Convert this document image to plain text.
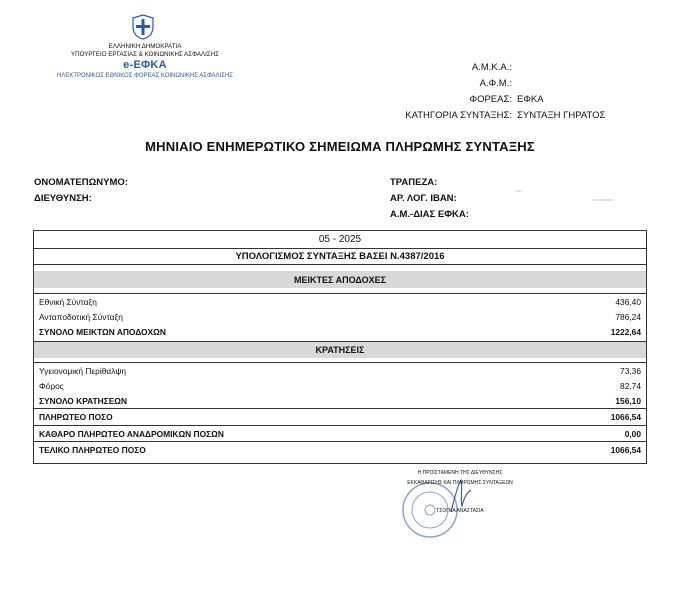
ΕΛΛΗΝΙΚΗ ΔΗΜΟΚΡΑΤΙΑ
ΥΠΟΥΡΓΕΙΟ ΕΡΓΑΣΙΑΣ & ΚΟΙΝΩΝΙΚΗΣ ΑΣΦΑΛΙΣΗΣ
e-ΕΦΚΑ
ΗΛΕΚΤΡΟΝΙΚΟΣ ΕΘΝΙΚΟΣ ΦΟΡΕΑΣ ΚΟΙΝΩΝΙΚΗΣ ΑΣΦΑΛΙΣΗΣ
Α.Μ.Κ.Α.:
Α.Φ.Μ.:
ΦΟΡΕΑΣ: ΕΦΚΑ
ΚΑΤΗΓΟΡΙΑ ΣΥΝΤΑΞΗΣ: ΣΥΝΤΑΞΗ ΓΗΡΑΤΟΣ
ΜΗΝΙΑΙΟ ΕΝΗΜΕΡΩΤΙΚΟ ΣΗΜΕΙΩΜΑ ΠΛΗΡΩΜΗΣ ΣΥΝΤΑΞΗΣ
ΟΝΟΜΑΤΕΠΩΝΥΜΟ:
ΔΙΕΥΘΥΝΣΗ:
ΤΡΑΠΕΖΑ:
ΑΡ. ΛΟΓ. IBAN:
Α.Μ.-ΔΙΑΣ ΕΦΚΑ:
05 - 2025
ΥΠΟΛΟΓΙΣΜΟΣ ΣΥΝΤΑΞΗΣ ΒΑΣΕΙ Ν.4387/2016
ΜΕΙΚΤΕΣ ΑΠΟΔΟΧΕΣ
Εθνική Σύνταξη	436,40
Ανταποδοτική Σύνταξη	786,24
ΣΥΝΟΛΟ ΜΕΙΚΤΩΝ ΑΠΟΔΟΧΩΝ	1222,64
ΚΡΑΤΗΣΕΙΣ
Υγειονομική Περίθαλψη	73,36
Φόρος	82,74
ΣΥΝΟΛΟ ΚΡΑΤΗΣΕΩΝ	156,10
ΠΛΗΡΩΤΕΟ ΠΟΣΟ	1066,54
ΚΑΘΑΡΟ ΠΛΗΡΩΤΕΟ ΑΝΑΔΡΟΜΙΚΩΝ ΠΟΣΩΝ	0,00
ΤΕΛΙΚΟ ΠΛΗΡΩΤΕΟ ΠΟΣΟ	1066,54
Η ΠΡΟΪΣΤΑΜΕΝΗ ΤΗΣ ΔΙΕΥΘΥΝΣΗΣ
ΕΚΚΑΘΑΡΙΣΗΣ ΚΑΙ ΠΛΗΡΩΜΗΣ ΣΥΝΤΑΞΕΩΝ
ΤΣΟΓΚΑ ΑΝΑΣΤΑΣΙΑ
